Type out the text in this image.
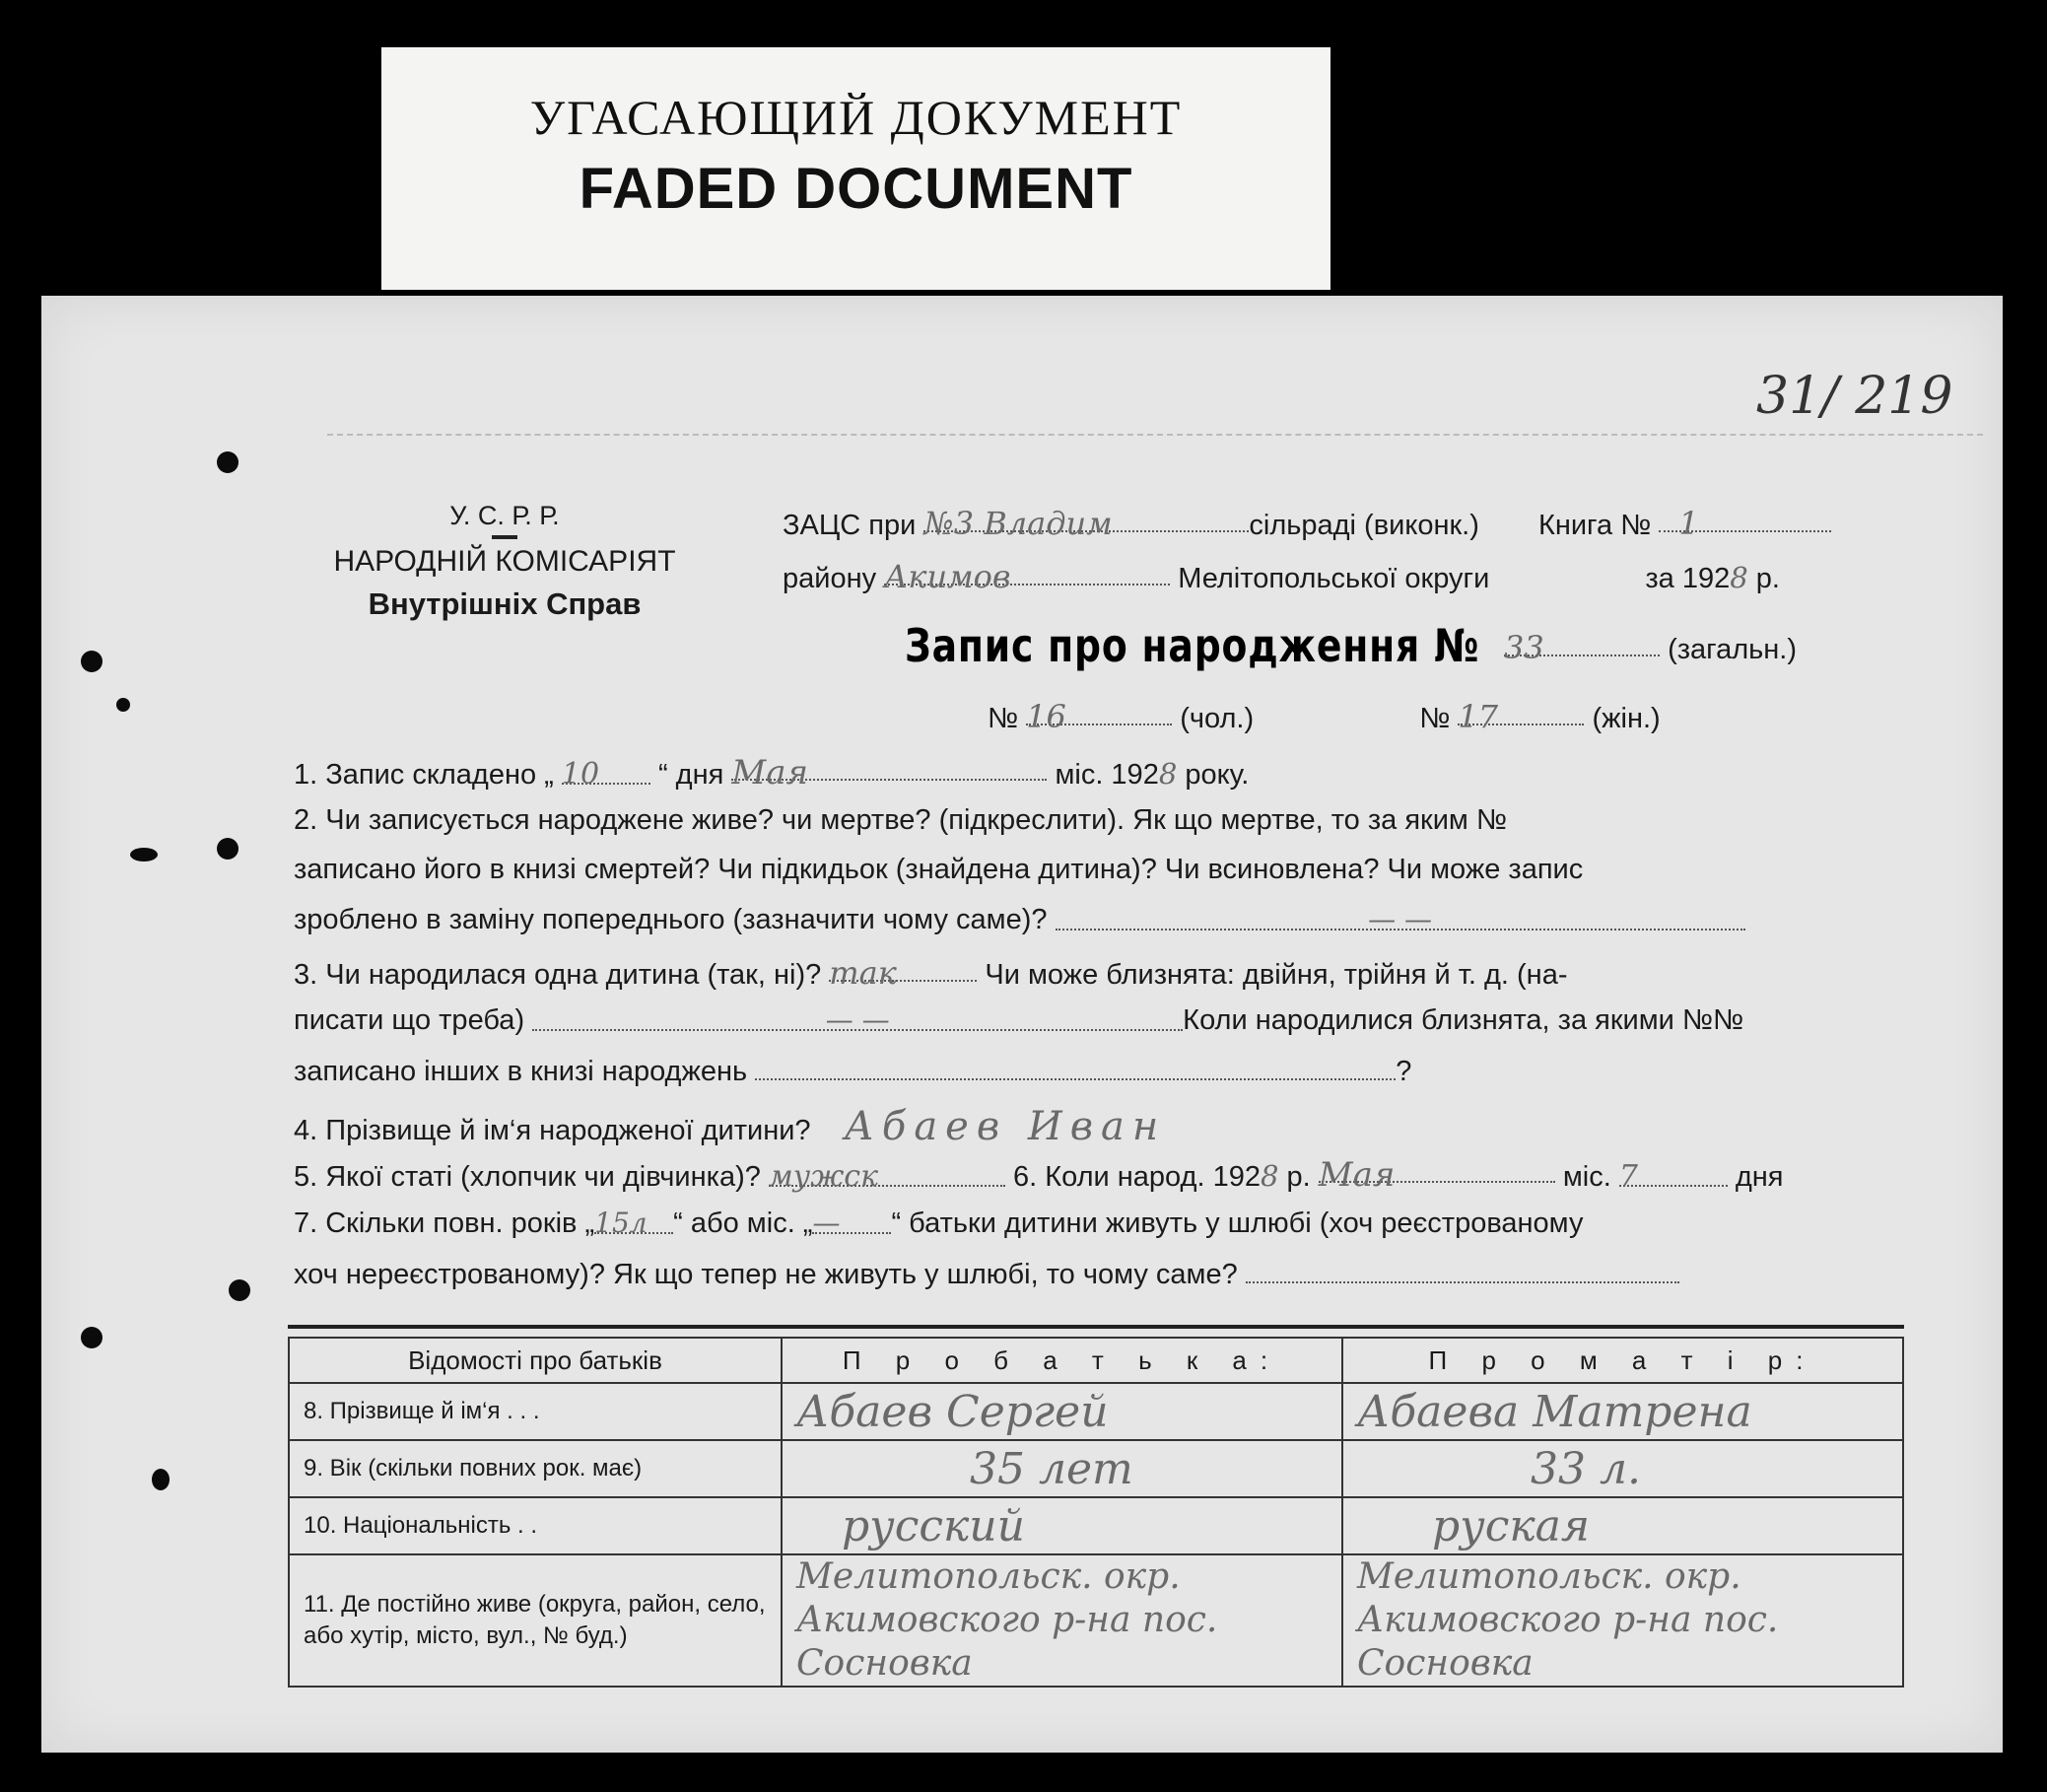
УГАСАЮЩИЙ ДОКУМЕНТ
FADED DOCUMENT
31/ 219
У. С. Р. Р.
НАРОДНІЙ КОМІСАРІЯТ
Внутрішніх Справ
ЗАЦС при №3 Владим	сільраді (виконк.) Книга № 1
району Акимов	Мелітопольської округи	за 1928 р.
Запис про народження № 33	(загальн.)
№ 16	(чол.)	№ 17	(жін.)
1. Запис складено „ 10 “ дня Мая	міс. 1928 року.
2. Чи записується народжене живе? чи мертве? (підкреслити). Як що мертве, то за яким №
записано його в книзі смертей? Чи підкидьок (знайдена дитина)? Чи всиновлена? Чи може запис
зроблено в заміну попереднього (зазначити чому саме)?	— —
3. Чи народилася одна дитина (так, ні)? так	Чи може близнята: двійня, трійня й т. д. (на-
писати що треба)	— —	Коли народилися близнята, за якими №№
записано інших в книзі народжень	?
4. Прізвище й ім‘я народженої дитини? Абаев Иван
5. Якої статі (хлопчик чи дівчинка)? мужск	6. Коли народ. 1928 р. Мая	міс. 7	дня
7. Скільки повн. років „15л “ або міс. „— “ батьки дитини живуть у шлюбі (хоч реєстрованому
хоч нереєстрованому)? Як що тепер не живуть у шлюбі, то чому саме?
Відомості про батьків	П р о б а т ь к а:	П р о м а т і р:
8. Прізвище й ім‘я . . .	Абаев Сергей	Абаева Матрена
9. Вік (скільки повних рок. має)	35 лет	33 л.
10. Національність . .	русский	руская
11. Де постійно живе (округа, район, село, або хутір, місто, вул., № буд.)	Мелитопольск. окр. Акимовского р-на пос. Сосновка	Мелитопольск. окр. Акимовского р-на пос. Сосновка
